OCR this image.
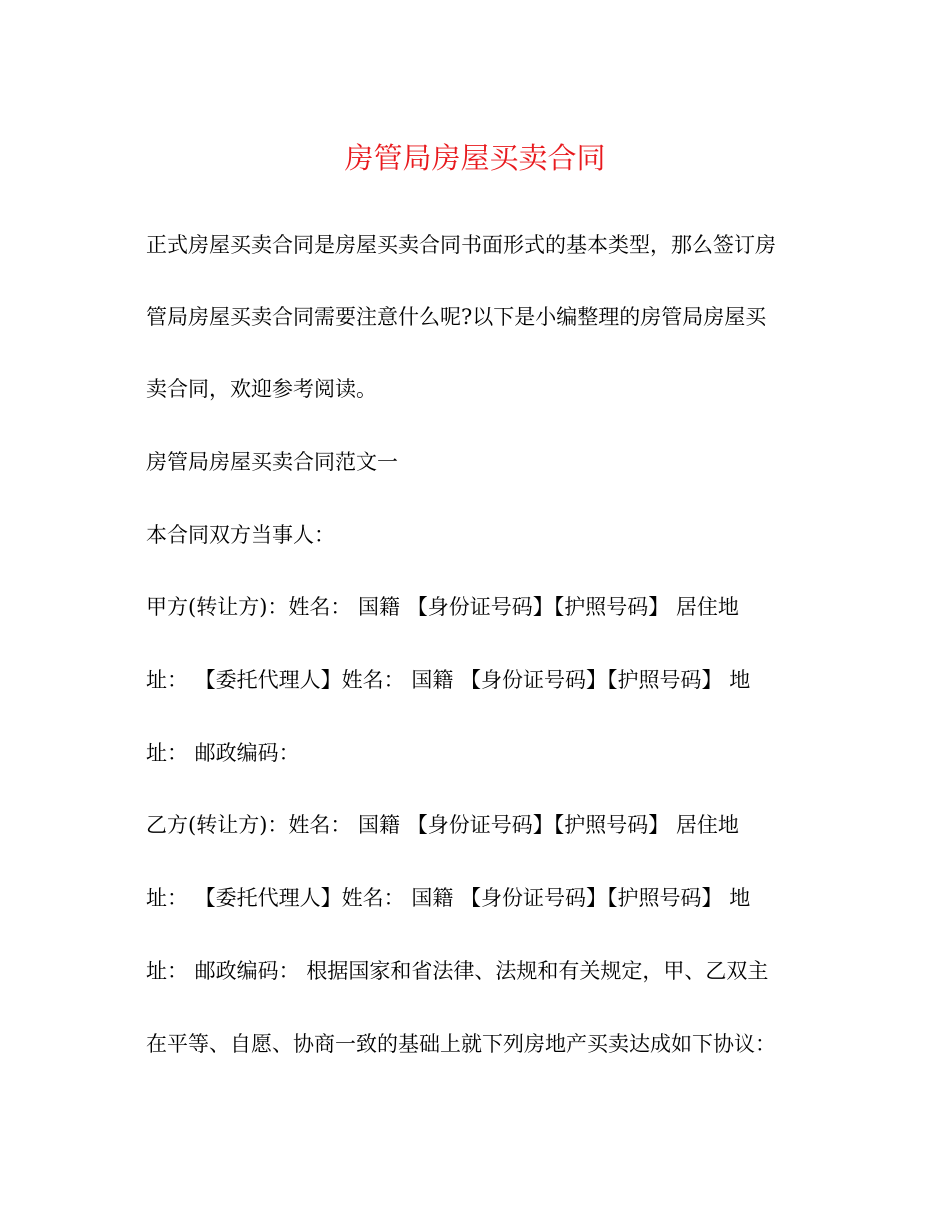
房管局房屋买卖合同
正式房屋买卖合同是房屋买卖合同书面形式的基本类型，那么签订房
管局房屋买卖合同需要注意什么呢?以下是小编整理的房管局房屋买
卖合同，欢迎参考阅读。
房管局房屋买卖合同范文一
本合同双方当事人：
甲方(转让方)：姓名： 国籍 【身份证号码】【护照号码】 居住地
址： 【委托代理人】姓名： 国籍 【身份证号码】【护照号码】 地
址： 邮政编码：
乙方(转让方)：姓名： 国籍 【身份证号码】【护照号码】 居住地
址： 【委托代理人】姓名： 国籍 【身份证号码】【护照号码】 地
址： 邮政编码： 根据国家和省法律、法规和有关规定，甲、乙双主
在平等、自愿、协商一致的基础上就下列房地产买卖达成如下协议：
